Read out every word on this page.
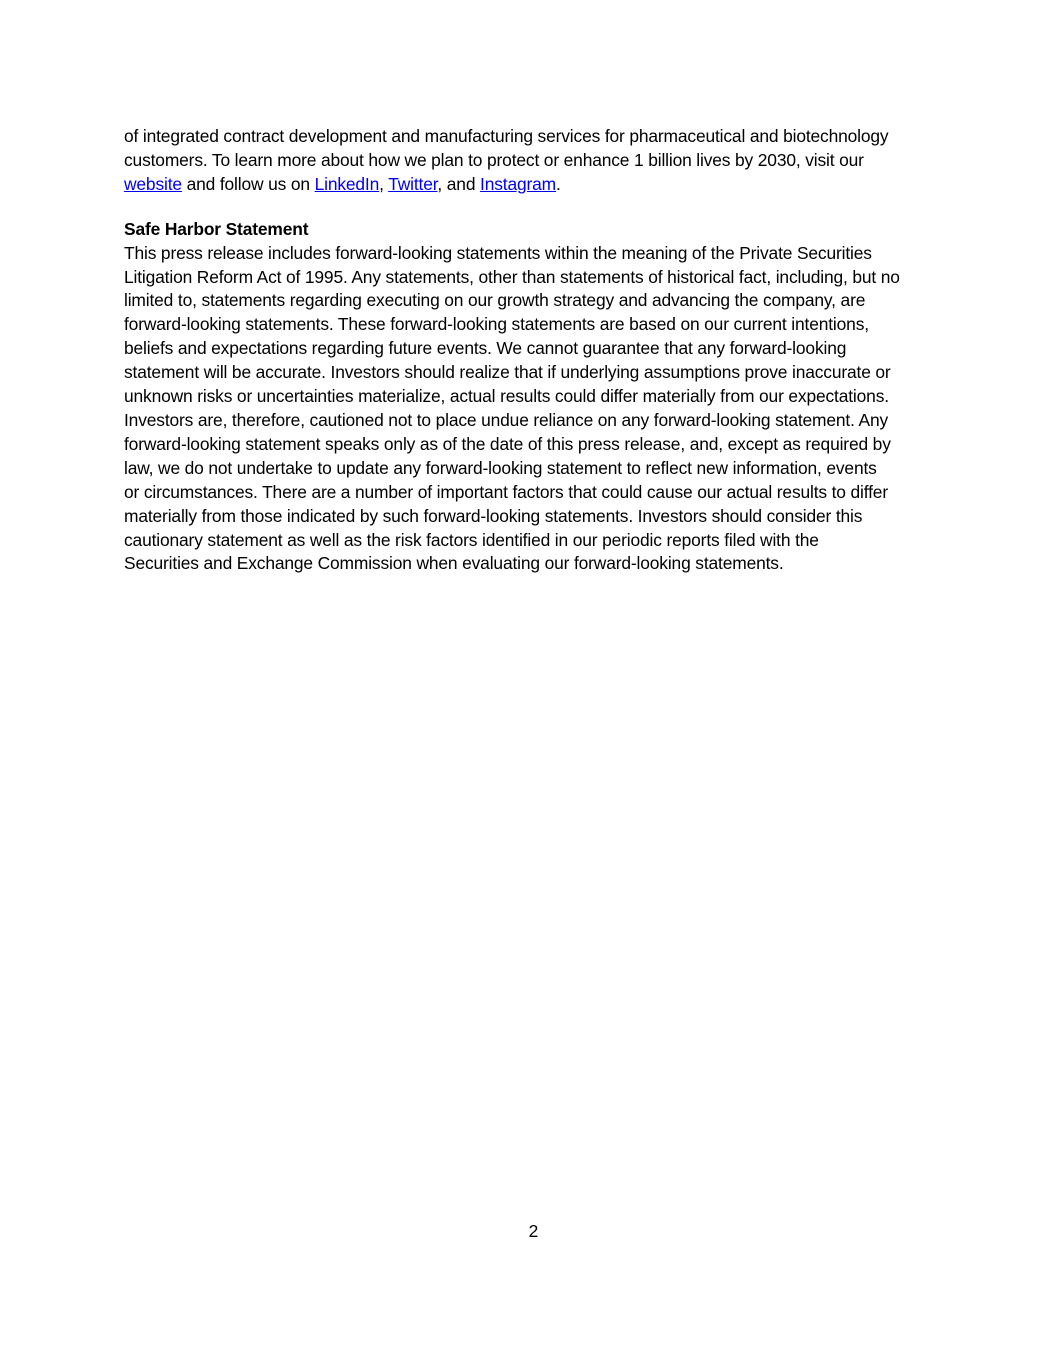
of integrated contract development and manufacturing services for pharmaceutical and biotechnology
customers. To learn more about how we plan to protect or enhance 1 billion lives by 2030, visit our
website and follow us on LinkedIn, Twitter, and Instagram.

Safe Harbor Statement
This press release includes forward-looking statements within the meaning of the Private Securities
Litigation Reform Act of 1995. Any statements, other than statements of historical fact, including, but no
limited to, statements regarding executing on our growth strategy and advancing the company, are
forward-looking statements. These forward-looking statements are based on our current intentions,
beliefs and expectations regarding future events. We cannot guarantee that any forward-looking
statement will be accurate. Investors should realize that if underlying assumptions prove inaccurate or
unknown risks or uncertainties materialize, actual results could differ materially from our expectations.
Investors are, therefore, cautioned not to place undue reliance on any forward-looking statement. Any
forward-looking statement speaks only as of the date of this press release, and, except as required by
law, we do not undertake to update any forward-looking statement to reflect new information, events
or circumstances. There are a number of important factors that could cause our actual results to differ
materially from those indicated by such forward-looking statements. Investors should consider this
cautionary statement as well as the risk factors identified in our periodic reports filed with the
Securities and Exchange Commission when evaluating our forward-looking statements.
2
